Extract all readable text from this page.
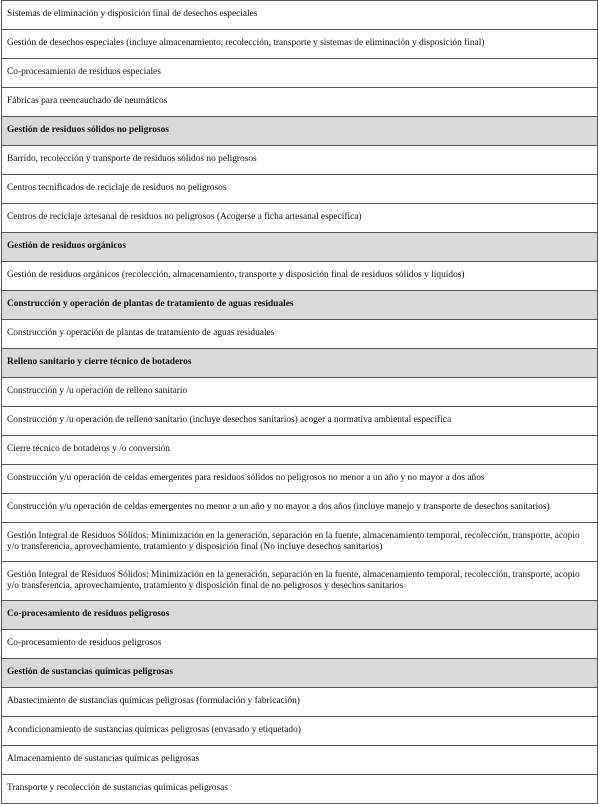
Sistemas de eliminación y disposición final de desechos especiales
Gestión de desechos especiales (incluye almacenamiento, recolección, transporte y sistemas de eliminación y disposición final)
Co-procesamiento de residuos especiales
Fábricas para reencauchado de neumáticos
Gestión de residuos sólidos no peligrosos
Barrido, recolección y transporte de residuos sólidos no peligrosos
Centros tecnificados de reciclaje de residuos no peligrosos
Centros de reciclaje artesanal de residuos no peligrosos (Acogerse a ficha artesanal específica)
Gestión de residuos orgánicos
Gestión de residuos orgánicos (recolección, almacenamiento, transporte y disposición final de residuos sólidos y líquidos)
Construcción y operación de plantas de tratamiento de aguas residuales
Construcción y operación de plantas de tratamiento de aguas residuales
Relleno sanitario y cierre técnico de botaderos
Construcción y /u operación de relleno sanitario
Construcción y /u operación de relleno sanitario (incluye desechos sanitarios) acoger a normativa ambiental específica
Cierre técnico de botaderos y /o conversión
Construcción y/u operación de celdas emergentes para residuos sólidos no peligrosos no menor a un año y no mayor a dos años
Construcción y/u operación de celdas emergentes no menor a un año y no mayor a dos años (incluye manejo y transporte de desechos sanitarios)
Gestión Integral de Residuos Sólidos: Minimización en la generación, separación en la fuente, almacenamiento temporal, recolección, transporte, acopio y/o transferencia, aprovechamiento, tratamiento y disposición final (No incluye desechos sanitarios)
Gestión Integral de Residuos Sólidos: Minimización en la generación, separación en la fuente, almacenamiento temporal, recolección, transporte, acopio y/o transferencia, aprovechamiento, tratamiento y disposición final de no peligrosos y desechos sanitarios
Co-procesamiento de residuos peligrosos
Co-procesamiento de residuos peligrosos
Gestión de sustancias químicas peligrosas
Abastecimiento de sustancias químicas peligrosas (formulación y fabricación)
Acondicionamiento de sustancias químicas peligrosas (envasado y etiquetado)
Almacenamiento de sustancias químicas peligrosas
Transporte y recolección de sustancias químicas peligrosas
